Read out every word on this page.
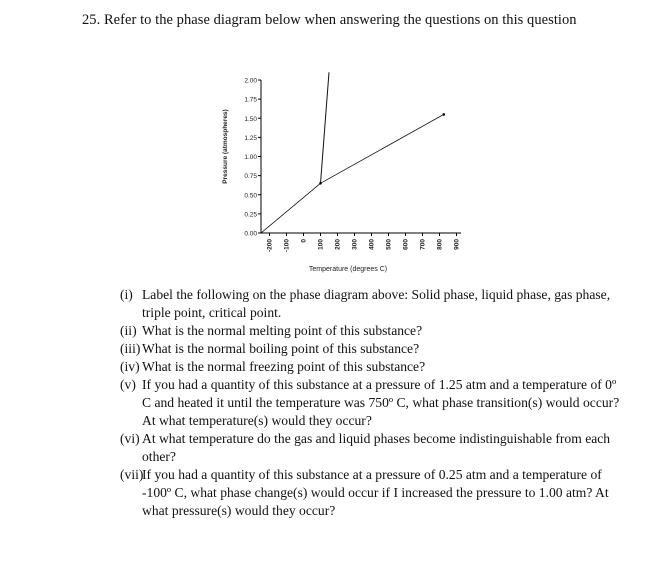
25. Refer to the phase diagram below when answering the questions on this question
0.00
0.25
0.50
0.75
1.00
1.25
1.50
1.75
2.00
-200 -100 0 100 200 300 400 500 600 700 800 900
Temperature (degrees C)
Pressure (atmospheres)

(i) Label the following on the phase diagram above: Solid phase, liquid phase, gas phase, triple point, critical point.

(ii) What is the normal melting point of this substance?

(iii) What is the normal boiling point of this substance?

(iv) What is the normal freezing point of this substance?

(v) If you had a quantity of this substance at a pressure of 1.25 atm and a temperature of 0º C and heated it until the temperature was 750º C, what phase transition(s) would occur? At what temperature(s) would they occur?

(vi) At what temperature do the gas and liquid phases become indistinguishable from each other?

(vii)
If you had a quantity of this substance at a pressure of 0.25 atm and a temperature of -100º C, what phase change(s) would occur if I increased the pressure to 1.00 atm? At what pressure(s) would they occur?
